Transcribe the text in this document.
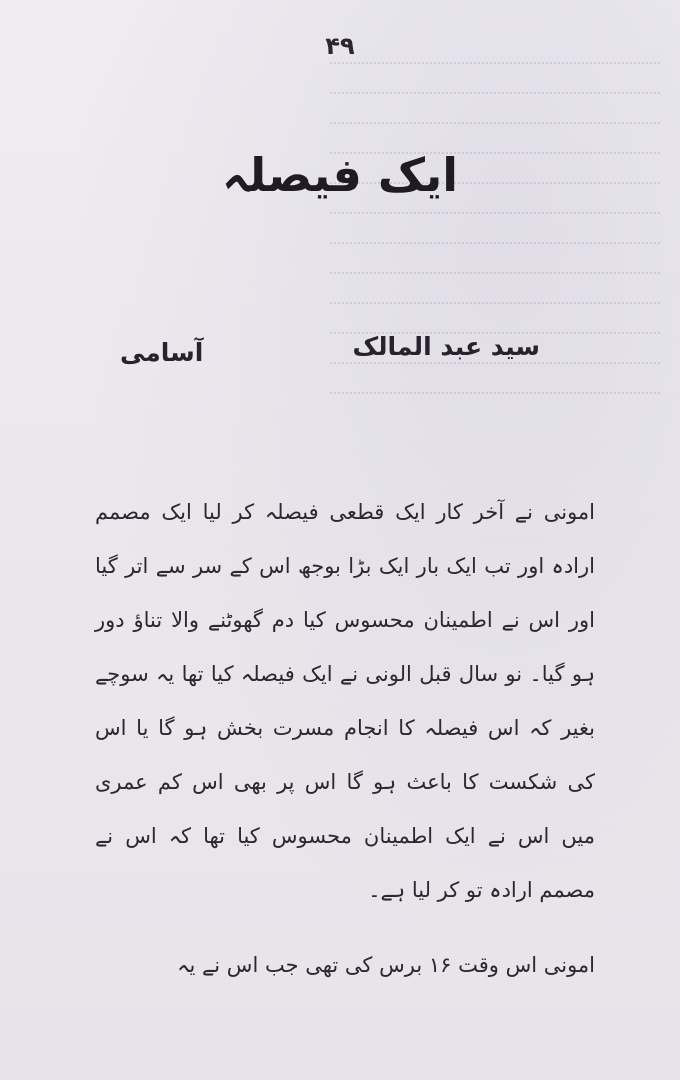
۴۹
ایک فیصلہ
سید عبد المالک
آسامی

امونی نے آخر کار ایک قطعی فیصلہ کر لیا ایک مصمم ارادہ اور تب ایک بار ایک بڑا بوجھ اس کے سر سے اتر گیا اور اس نے اطمینان محسوس کیا دم گھوٹنے والا تناؤ دور ہو گیا۔ نو سال قبل الونی نے ایک فیصلہ کیا تھا یہ سوچے بغیر کہ اس فیصلہ کا انجام مسرت بخش ہو گا یا اس کی شکست کا باعث ہو گا اس پر بھی اس کم عمری میں اس نے ایک اطمینان محسوس کیا تھا کہ اس نے مصمم ارادہ تو کر لیا ہے۔

امونی اس وقت ۱۶ برس کی تھی جب اس نے یہ
